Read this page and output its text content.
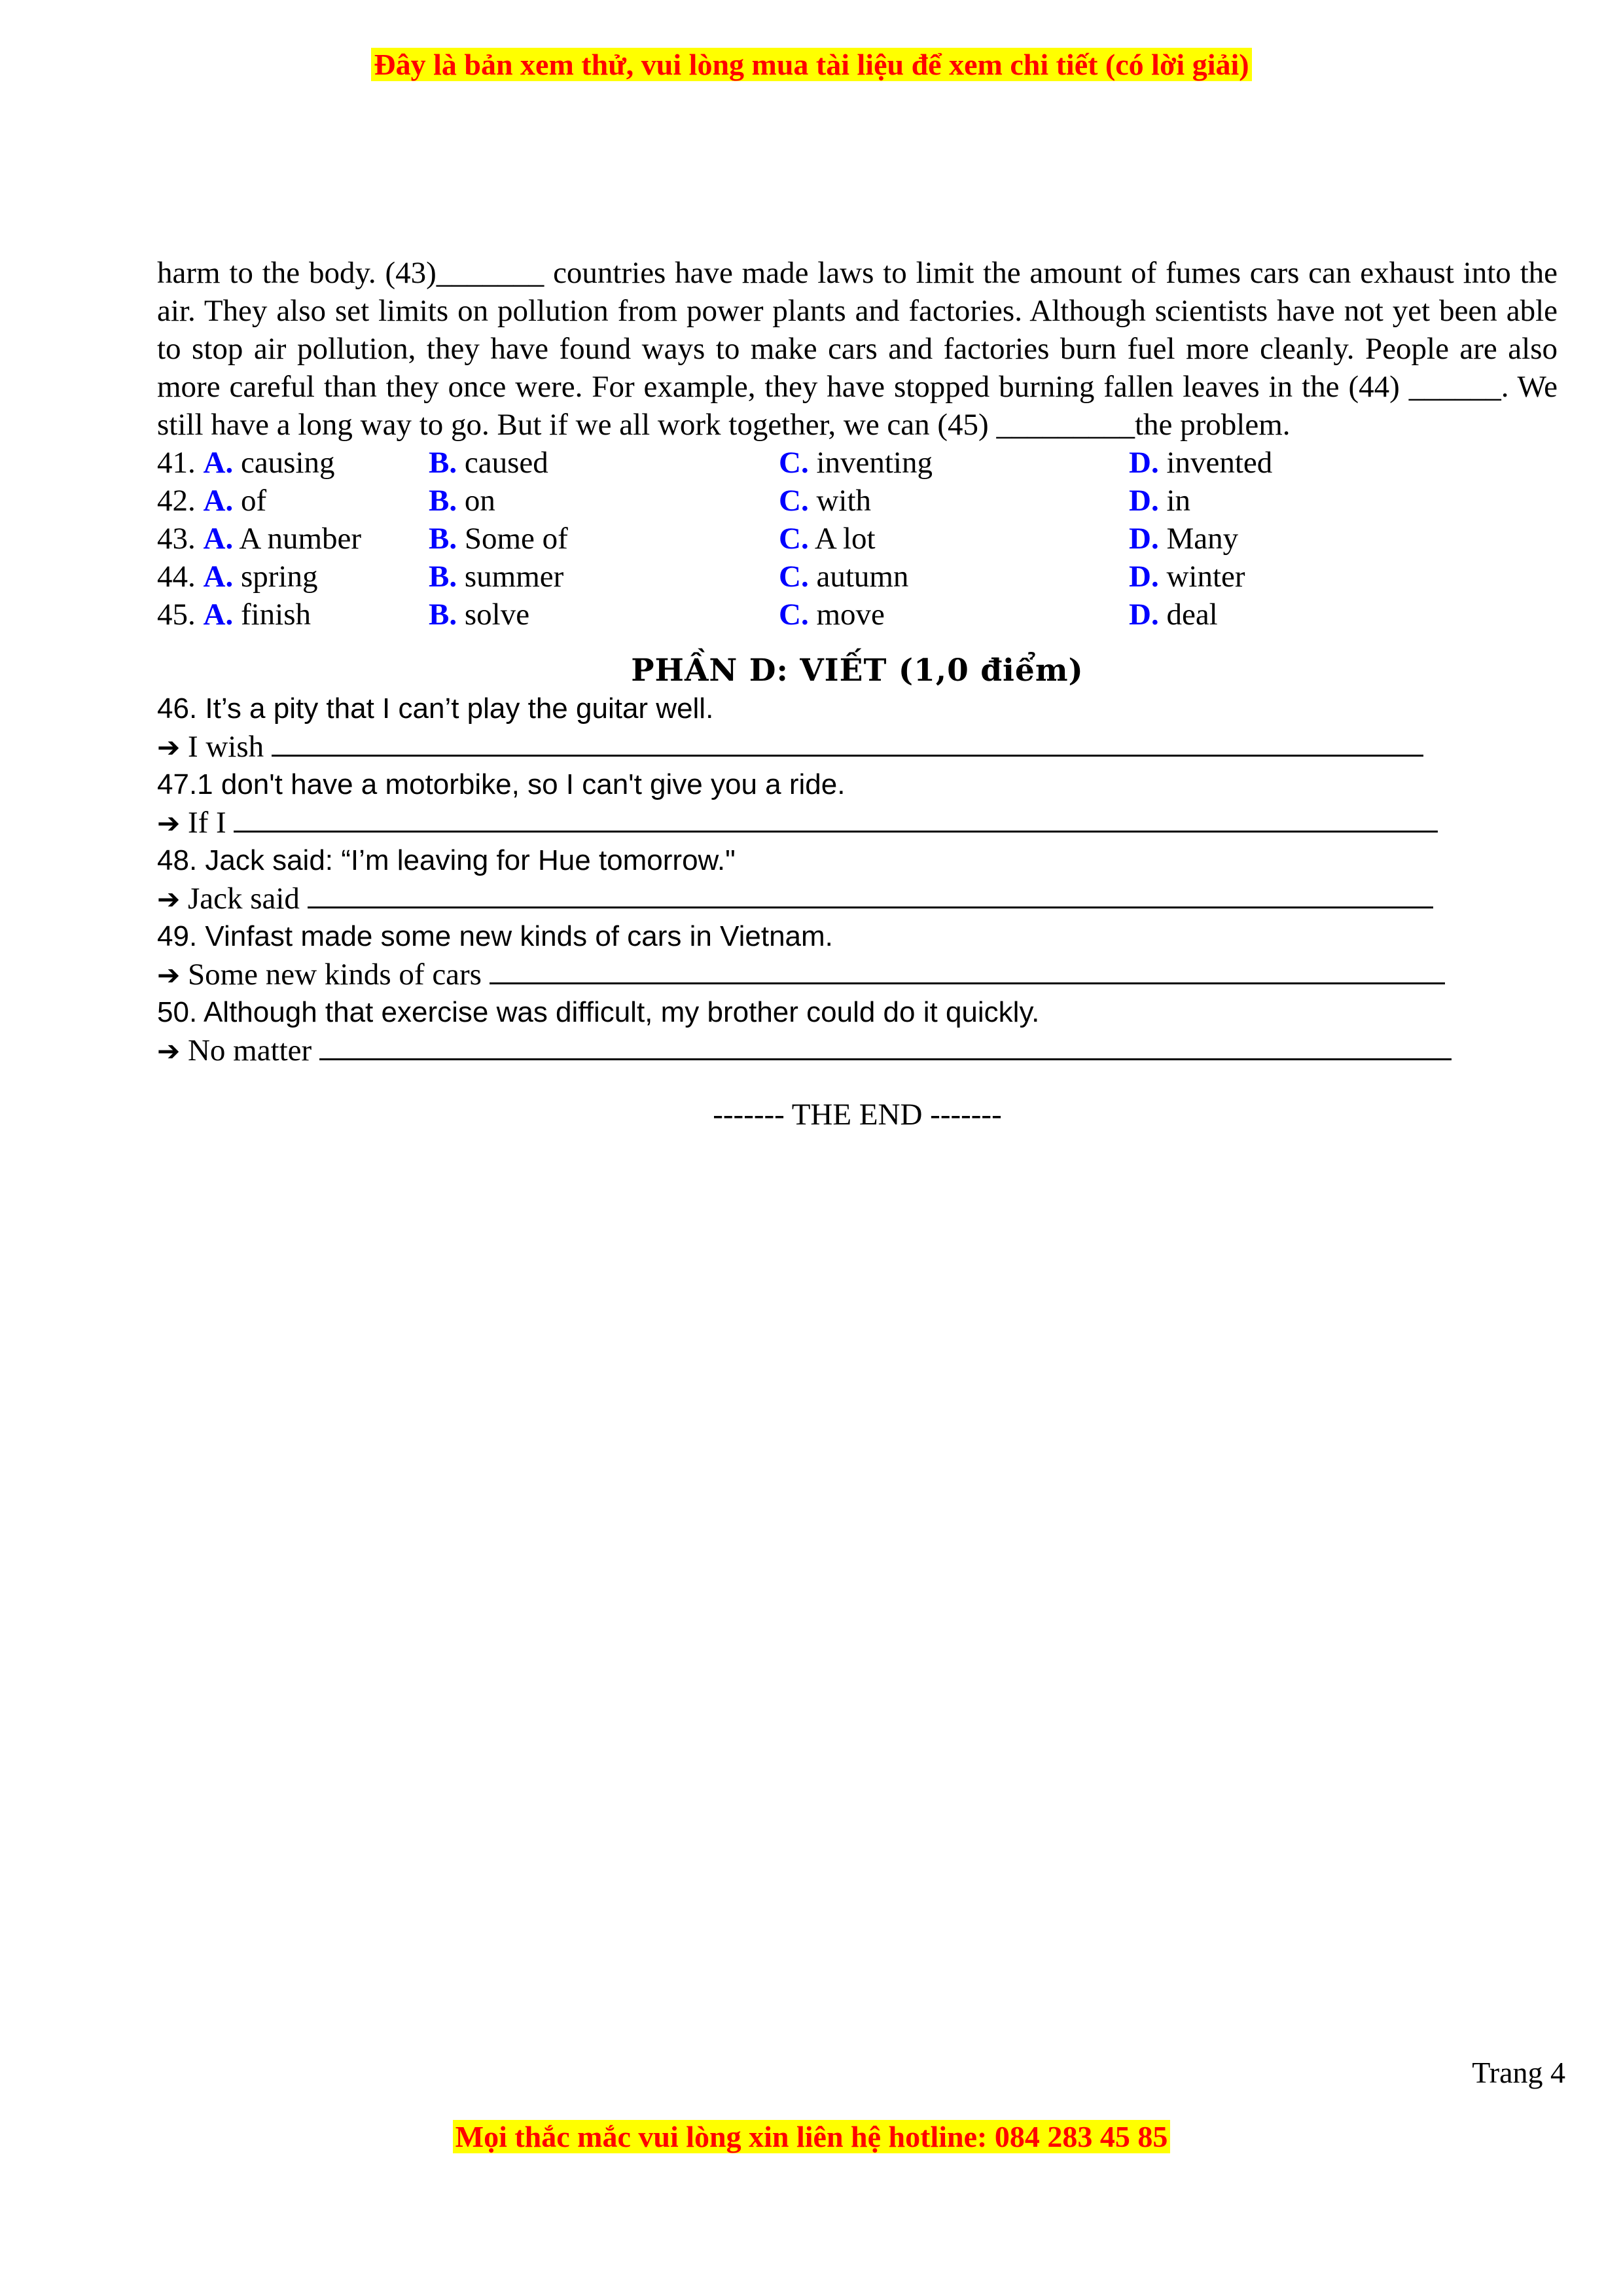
Đây là bản xem thử, vui lòng mua tài liệu để xem chi tiết (có lời giải)

harm to the body. (43)_______ countries have made laws to limit the amount of fumes cars can exhaust into the air. They also set limits on pollution from power plants and factories. Although scientists have not yet been able to stop air pollution, they have found ways to make cars and factories burn fuel more cleanly. People are also more careful than they once were. For example, they have stopped burning fallen leaves in the (44) ______. We still have a long way to go. But if we all work together, we can (45) _________the problem.

41. A. causing	B. caused	C. inventing	D. invented
42. A. of	B. on	C. with	D. in
43. A. A number	B. Some of	C. A lot	D. Many
44. A. spring	B. summer	C. autumn	D. winter
45. A. finish	B. solve	C. move	D. deal
PHẦN D: VIẾT (1,0 điểm)
46. It’s a pity that I can’t play the guitar well.
➔ I wish
47.1 don't have a motorbike, so I can't give you a ride.
➔ If I
48. Jack said: “I’m leaving for Hue tomorrow."
➔ Jack said
49. Vinfast made some new kinds of cars in Vietnam.
➔ Some new kinds of cars
50. Although that exercise was difficult, my brother could do it quickly.
➔ No matter
------- THE END -------
Trang 4
Mọi thắc mắc vui lòng xin liên hệ hotline: 084 283 45 85
